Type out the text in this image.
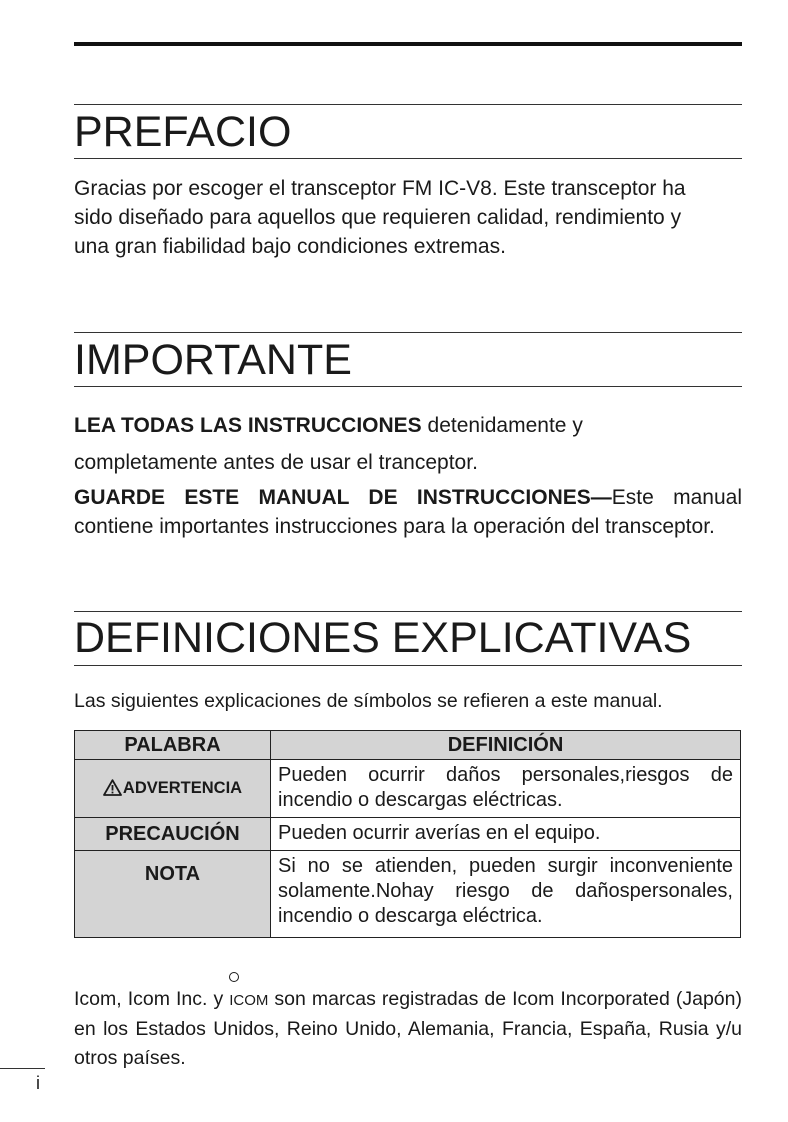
PREFACIO

Gracias por escoger el transceptor FM IC-V8. Este transceptor ha sido diseñado para aquellos que requieren calidad, rendimiento y una gran fiabilidad bajo condiciones extremas.

IMPORTANTE

LEA TODAS LAS INSTRUCCIONES detenidamente y

completamente antes de usar el tranceptor.

GUARDE ESTE MANUAL DE INSTRUCCIONES—Este manual contiene importantes instrucciones para la operación del transceptor.

DEFINICIONES EXPLICATIVAS

Las siguientes explicaciones de símbolos se refieren a este manual.

PALABRA	DEFINICIÓN
ADVERTENCIA	Pueden ocurrir daños personales,riesgos de incendio o descargas eléctricas.
PRECAUCIÓN	Pueden ocurrir averías en el equipo.
NOTA	Si no se atienden, pueden surgir inconveniente solamente.Nohay riesgo de dañospersonales, incendio o descarga eléctrica.

Icom, Icom Inc. y
ICOM son marcas registradas de Icom Incorporated (Japón) en los Estados Unidos, Reino Unido, Alemania, Francia, España, Rusia y/u otros países.

i
